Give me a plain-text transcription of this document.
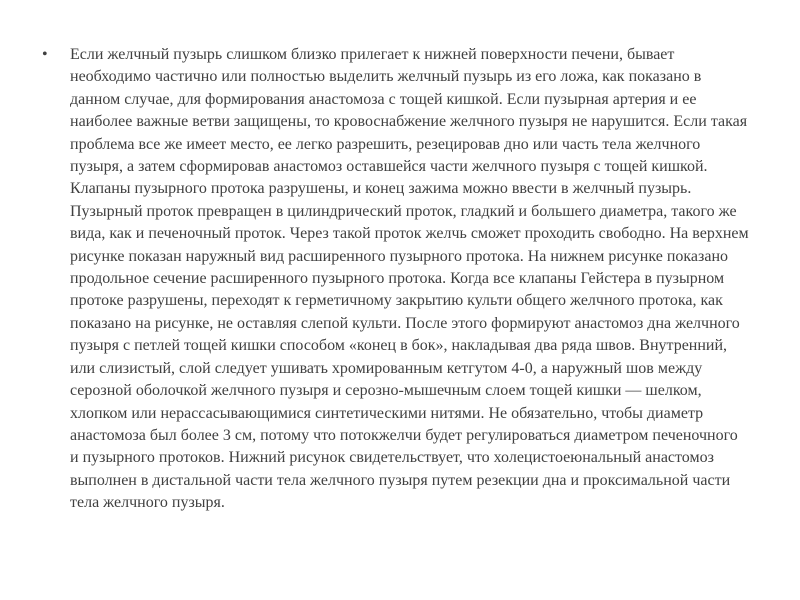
• Если желчный пузырь слишком близко прилегает к нижней поверхности печени, бывает необходимо частично или полностью выделить желчный пузырь из его ложа, как показано в данном случае, для формирования анастомоза с тощей кишкой. Если пузырная артерия и ее наиболее важные ветви защищены, то кровоснабжение желчного пузыря не нарушится. Если такая проблема все же имеет место, ее легко разрешить, резецировав дно или часть тела желчного пузыря, а затем сформировав анастомоз оставшейся части желчного пузыря с тощей кишкой. Клапаны пузырного протока разрушены, и конец зажима можно ввести в желчный пузырь. Пузырный проток превращен в цилиндрический проток, гладкий и большего диаметра, такого же вида, как и печеночный проток. Через такой проток желчь сможет проходить свободно. На верхнем рисунке показан наружный вид расширенного пузырного протока. На нижнем рисунке показано продольное сечение расширенного пузырного протока. Когда все клапаны Гейстера в пузырном протоке разрушены, переходят к герметичному закрытию культи общего желчного протока, как показано на рисунке, не оставляя слепой культи. После этого формируют анастомоз дна желчного пузыря с петлей тощей кишки способом «конец в бок», накладывая два ряда швов. Внутренний, или слизистый, слой следует ушивать хромированным кетгутом 4-0, а наружный шов между серозной оболочкой желчного пузыря и серозно-мышечным слоем тощей кишки — шелком, хлопком или нерассасывающимися синтетическими нитями. Не обязательно, чтобы диаметр анастомоза был более 3 см, потому что потокжелчи будет регулироваться диаметром печеночного и пузырного протоков. Нижний рисунок свидетельствует, что холецистоеюнальный анастомоз выполнен в дистальной части тела желчного пузыря путем резекции дна и проксимальной части тела желчного пузыря.
